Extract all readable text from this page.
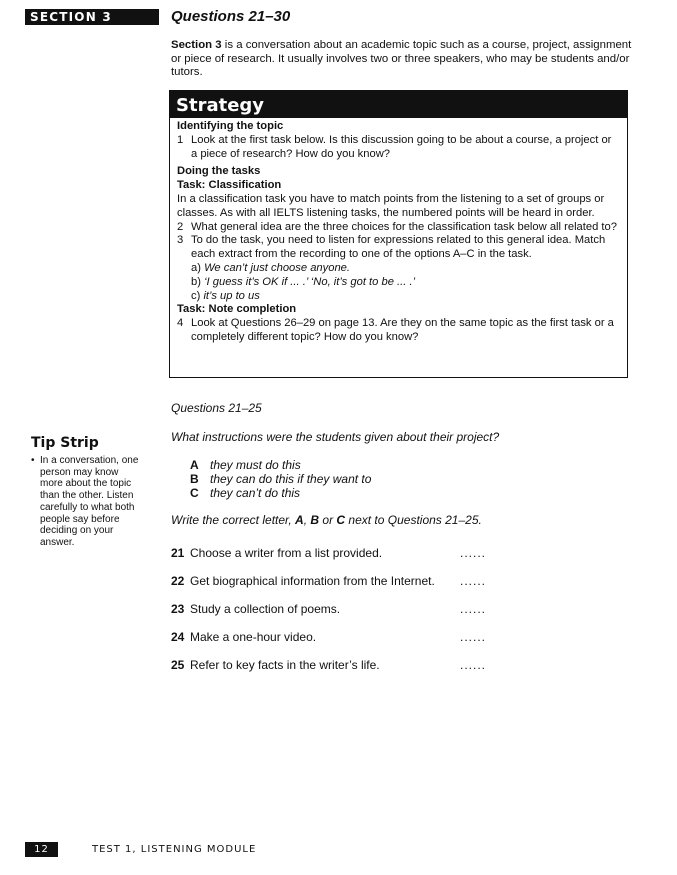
SECTION 3	Questions 21–30
Section 3 is a conversation about an academic topic such as a course, project, assignment or piece of research. It usually involves two or three speakers, who may be students and/or tutors.
Strategy
Identifying the topic
1 Look at the first task below. Is this discussion going to be about a course, a project or a piece of research? How do you know?
Doing the tasks
Task: Classification
In a classification task you have to match points from the listening to a set of groups or classes. As with all IELTS listening tasks, the numbered points will be heard in order.
2 What general idea are the three choices for the classification task below all related to?
3 To do the task, you need to listen for expressions related to this general idea. Match each extract from the recording to one of the options A–C in the task.
a) We can’t just choose anyone.
b) ‘I guess it’s OK if ... .’ ‘No, it’s got to be ... .’
c) it’s up to us
Task: Note completion
4 Look at Questions 26–29 on page 13. Are they on the same topic as the first task or a completely different topic? How do you know?
Questions 21–25
What instructions were the students given about their project?
Tip Strip
• In a conversation, one person may know more about the topic than the other. Listen carefully to what both people say before deciding on your answer.
A they must do this
B they can do this if they want to
C they can’t do this
Write the correct letter, A, B or C next to Questions 21–25.
21 Choose a writer from a list provided.	......
22 Get biographical information from the Internet. ......
23 Study a collection of poems.	......
24 Make a one-hour video.	......
25 Refer to key facts in the writer’s life.	......
12	TEST 1, LISTENING MODULE
